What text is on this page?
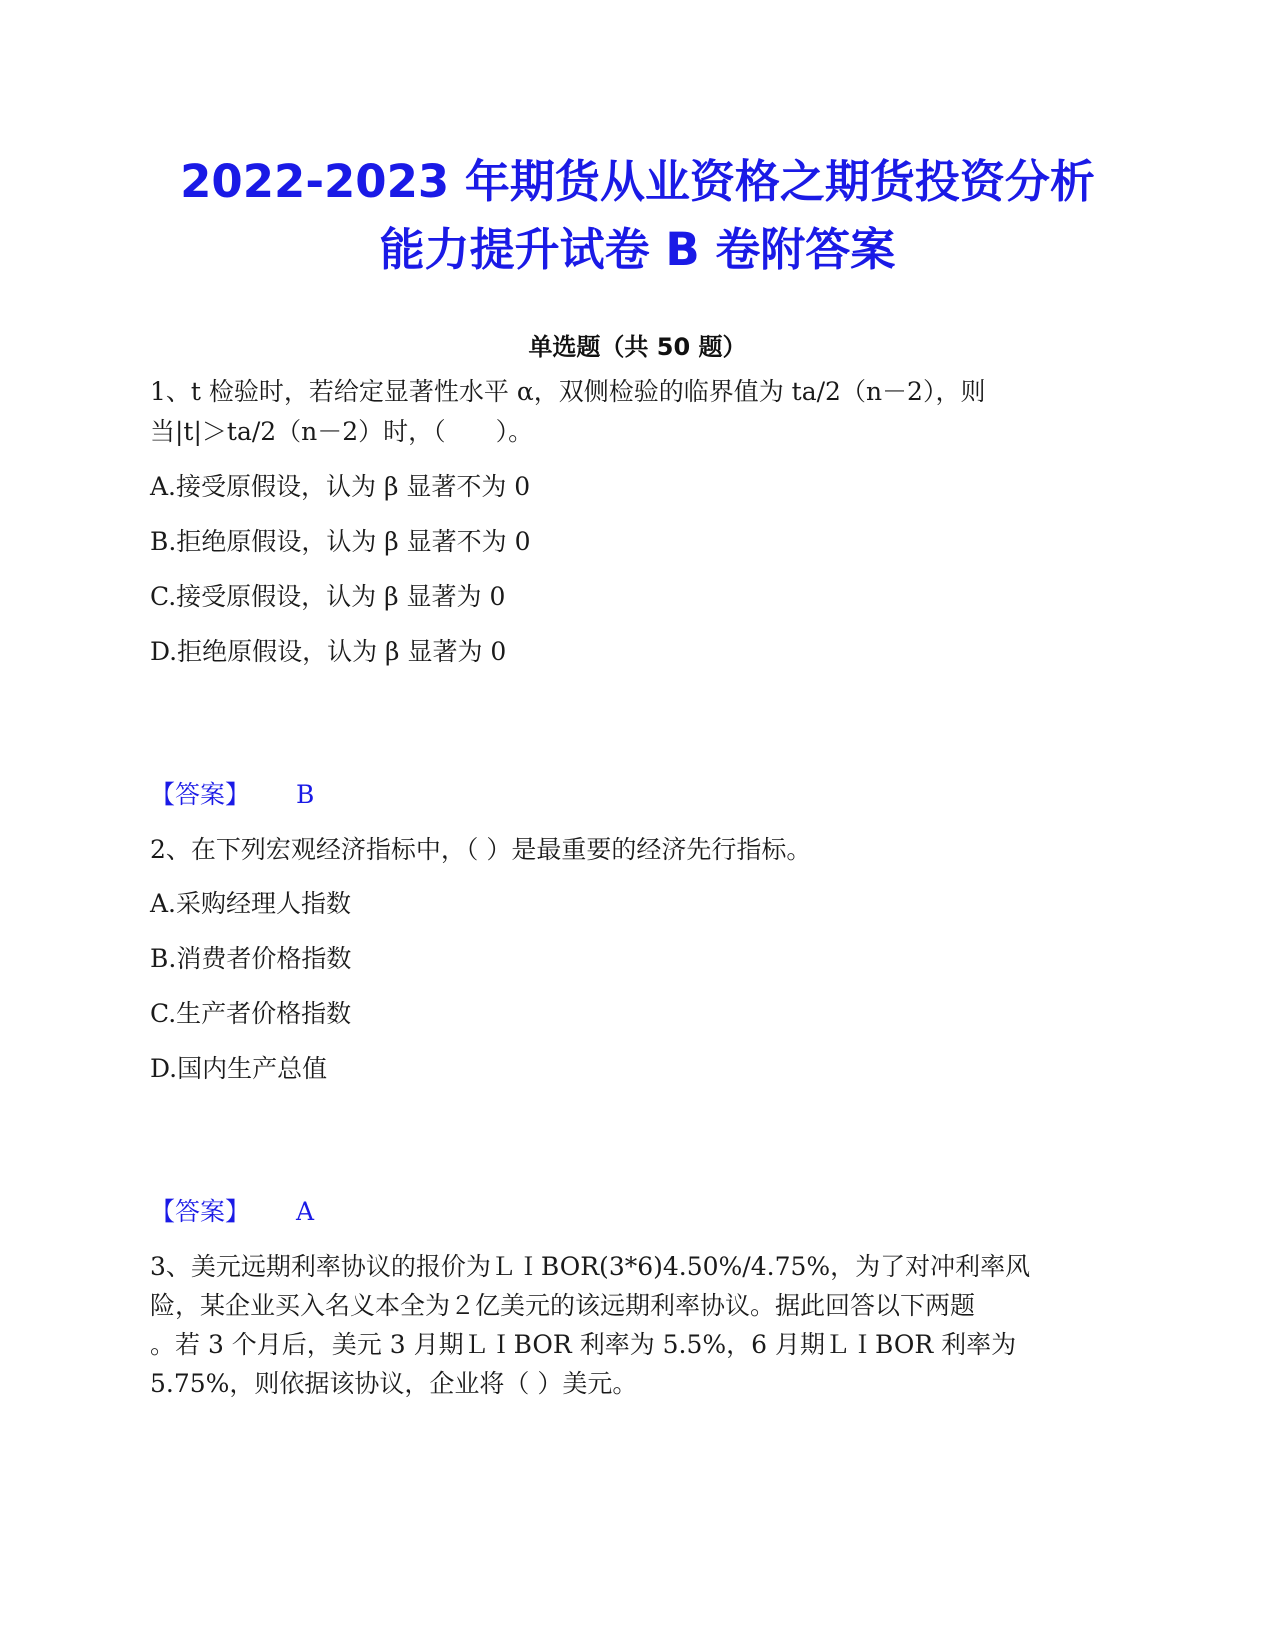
2022-2023 年期货从业资格之期货投资分析
能力提升试卷 B 卷附答案
单选题（共 50 题）
1、t 检验时，若给定显著性水平 α，双侧检验的临界值为 ta/2（n－2），则
当|t|＞ta/2（n－2）时，（　　）。
A.接受原假设，认为 β 显著不为 0
B.拒绝原假设，认为 β 显著不为 0
C.接受原假设，认为 β 显著为 0
D.拒绝原假设，认为 β 显著为 0
【答案】 B
2、在下列宏观经济指标中，（ ）是最重要的经济先行指标。
A.采购经理人指数
B.消费者价格指数
C.生产者价格指数
D.国内生产总值
【答案】 A
3、美元远期利率协议的报价为ＬＩBOR(3*6)4.50%/4.75%，为了对冲利率风
险，某企业买入名义本全为２亿美元的该远期利率协议。据此回答以下两题
。若 3 个月后，美元 3 月期ＬＩBOR 利率为 5.5%，6 月期ＬＩBOR 利率为
5.75%，则依据该协议，企业将（ ）美元。
